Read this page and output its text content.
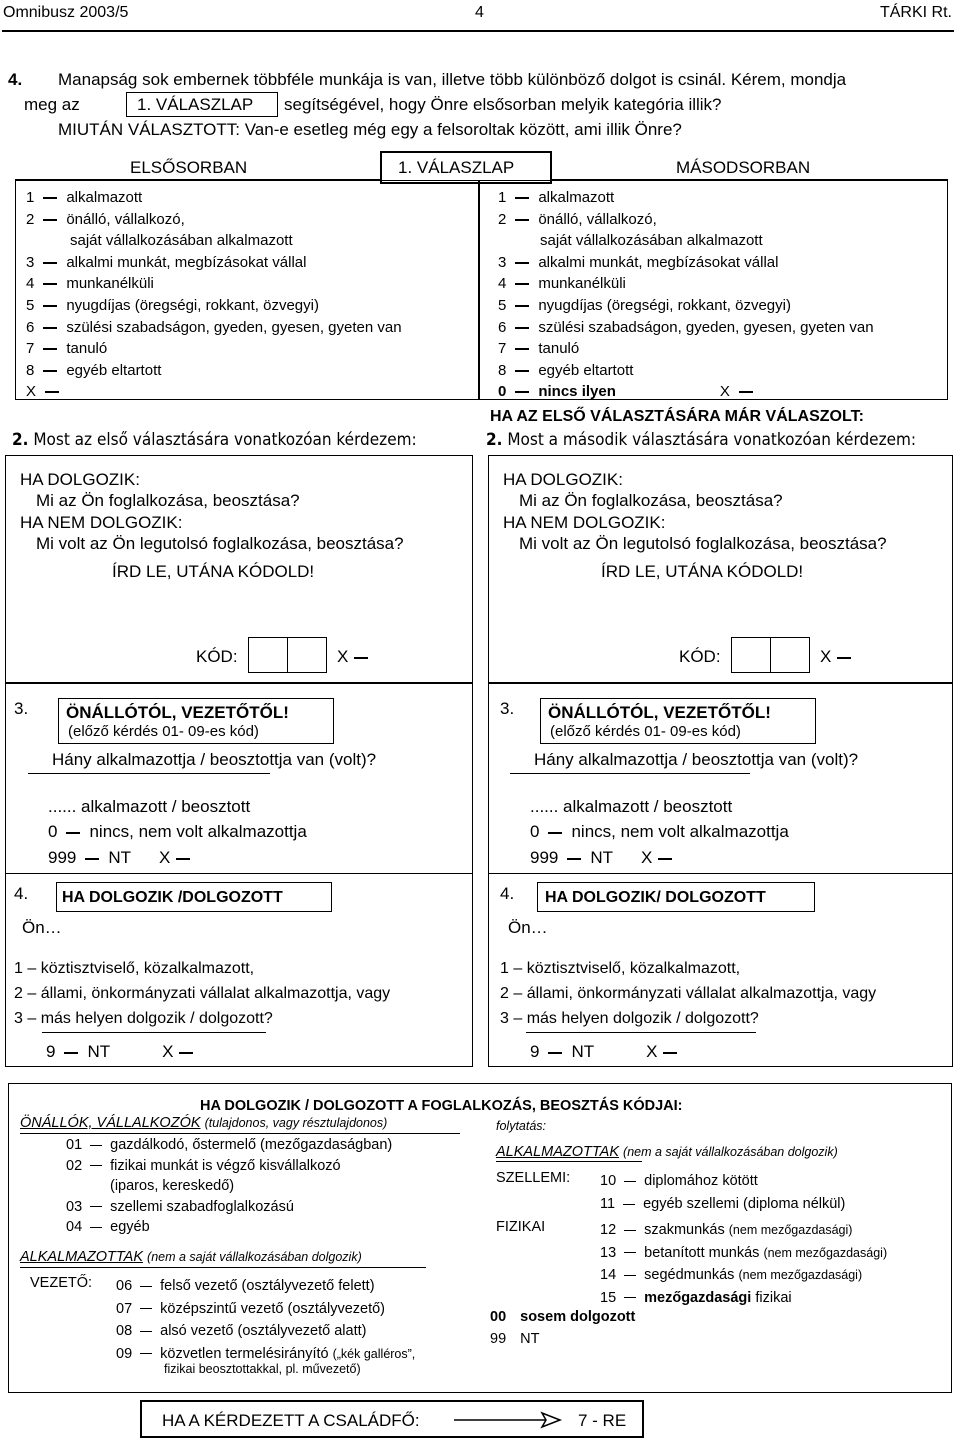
Omnibusz 2003/5	4	TÁRKI Rt.
4. Manapság sok embernek többféle munkája is van, illetve több különböző dolgot is csinál. Kérem, mondja
meg az	1. VÁLASZLAP segítségével, hogy Önre elsősorban melyik kategória illik?
MIUTÁN VÁLASZTOTT: Van-e esetleg még egy a felsoroltak között, ami illik Önre?
ELSŐSORBAN	1. VÁLASZLAP	MÁSODSORBAN
1 alkalmazott
2 önálló, vállalkozó,
saját vállalkozásában alkalmazott
3 alkalmi munkát, megbízásokat vállal
4 munkanélküli
5 nyugdíjas (öregségi, rokkant, özvegyi)
6 szülési szabadságon, gyeden, gyesen, gyeten van
7 tanuló
8 egyéb eltartott
X
1 alkalmazott
2 önálló, vállalkozó,
saját vállalkozásában alkalmazott
3 alkalmi munkát, megbízásokat vállal
4 munkanélküli
5 nyugdíjas (öregségi, rokkant, özvegyi)
6 szülési szabadságon, gyeden, gyesen, gyeten van
7 tanuló
8 egyéb eltartott
0 nincs ilyen	X
HA AZ ELSŐ VÁLASZTÁSÁRA MÁR VÁLASZOLT:
2. Most az első választására vonatkozóan kérdezem:	2. Most a második választására vonatkozóan kérdezem:
HA DOLGOZIK:
Mi az Ön foglalkozása, beosztása?
HA NEM DOLGOZIK:
Mi volt az Ön legutolsó foglalkozása, beosztása?
ÍRD LE, UTÁNA KÓDOLD!
KÓD:	X
HA DOLGOZIK:
Mi az Ön foglalkozása, beosztása?
HA NEM DOLGOZIK:
Mi volt az Ön legutolsó foglalkozása, beosztása?
ÍRD LE, UTÁNA KÓDOLD!
KÓD:	X
3. ÖNÁLLÓTÓL, VEZETŐTŐL!
(előző kérdés 01- 09-es kód)
Hány alkalmazottja / beosztottja van (volt)?
...... alkalmazott / beosztott
0 nincs, nem volt alkalmazottja
999 NT X
3. ÖNÁLLÓTÓL, VEZETŐTŐL!
(előző kérdés 01- 09-es kód)
Hány alkalmazottja / beosztottja van (volt)?
...... alkalmazott / beosztott
0 nincs, nem volt alkalmazottja
999 NT X
4. HA DOLGOZIK /DOLGOZOTT
Ön…
1 – köztisztviselő, közalkalmazott,
2 – állami, önkormányzati vállalat alkalmazottja, vagy
3 – más helyen dolgozik / dolgozott?
9 NT	X
4. HA DOLGOZIK/ DOLGOZOTT
Ön…
1 – köztisztviselő, közalkalmazott,
2 – állami, önkormányzati vállalat alkalmazottja, vagy
3 – más helyen dolgozik / dolgozott?
9 NT	X
HA DOLGOZIK / DOLGOZOTT A FOGLALKOZÁS, BEOSZTÁS KÓDJAI:
ÖNÁLLÓK, VÁLLALKOZÓK (tulajdonos, vagy résztulajdonos)
01 gazdálkodó, őstermelő (mezőgazdaságban)
02 fizikai munkát is végző kisvállalkozó
(iparos, kereskedő)
03 szellemi szabadfoglalkozású
04 egyéb
ALKALMAZOTTAK (nem a saját vállalkozásában dolgozik)
VEZETŐ: 06 felső vezető (osztályvezető felett)
07 középszintű vezető (osztályvezető)
08 alsó vezető (osztályvezető alatt)
09 közvetlen termelésirányító („kék galléros”,
fizikai beosztottakkal, pl. művezető)
folytatás:
ALKALMAZOTTAK (nem a saját vállalkozásában dolgozik)
SZELLEMI: 10 diplomához kötött
11 egyéb szellemi (diploma nélkül)
FIZIKAI	12 szakmunkás (nem mezőgazdasági)
13 betanított munkás (nem mezőgazdasági)
14 segédmunkás (nem mezőgazdasági)
15 mezőgazdasági fizikai
00 sosem dolgozott
99 NT
HA A KÉRDEZETT A CSALÁDFŐ:	7 - RE
